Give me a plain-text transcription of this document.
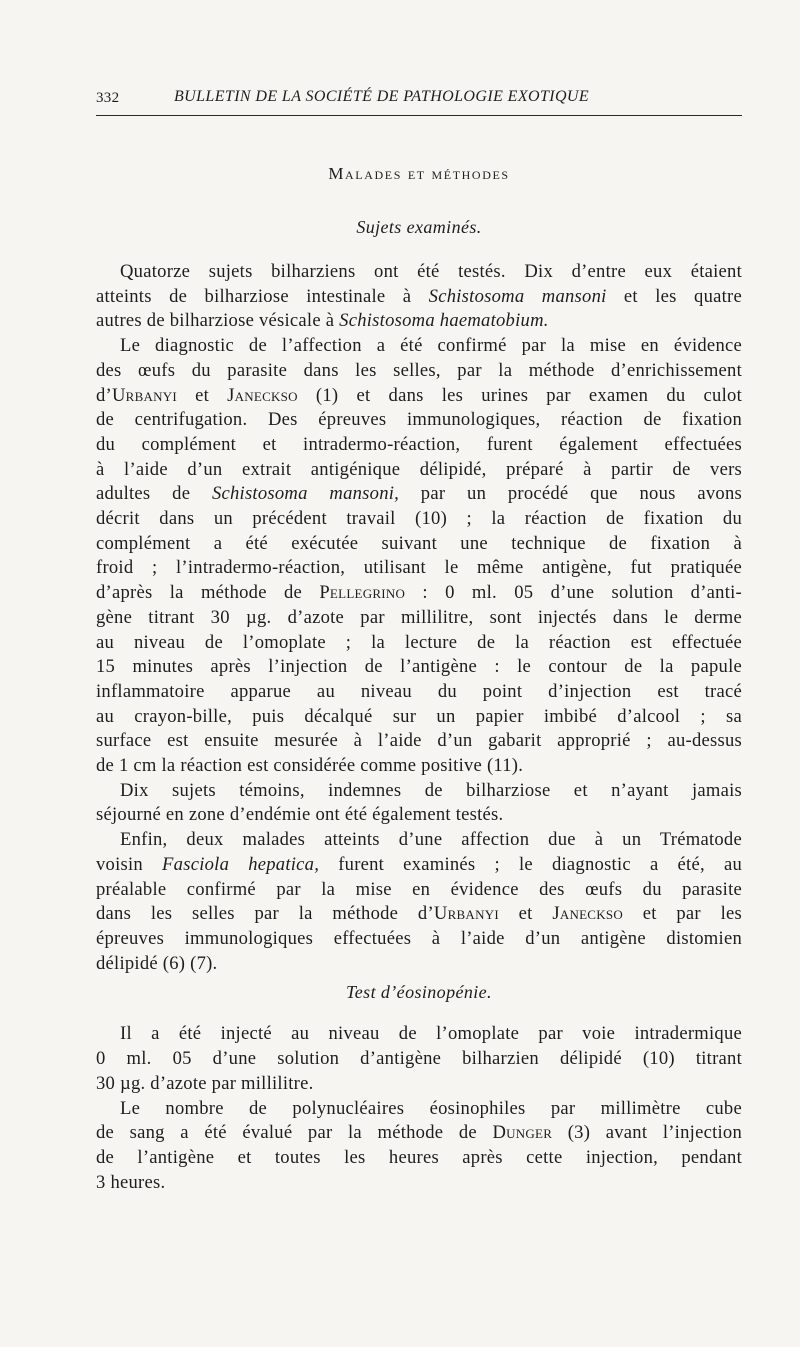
332	BULLETIN DE LA SOCIÉTÉ DE PATHOLOGIE EXOTIQUE
Malades et méthodes
Sujets examinés.

Quatorze sujets bilharziens ont été testés. Dix d’entre eux étaient
atteints de bilharziose intestinale à Schistosoma mansoni et les quatre
autres de bilharziose vésicale à Schistosoma haematobium.

Le diagnostic de l’affection a été confirmé par la mise en évidence
des œufs du parasite dans les selles, par la méthode d’enrichissement
d’Urbanyi et Janeckso (1) et dans les urines par examen du culot
de centrifugation. Des épreuves immunologiques, réaction de fixation
du complément et intradermo-réaction, furent également effectuées
à l’aide d’un extrait antigénique délipidé, préparé à partir de vers
adultes de Schistosoma mansoni, par un procédé que nous avons
décrit dans un précédent travail (10) ; la réaction de fixation du
complément a été exécutée suivant une technique de fixation à
froid ; l’intradermo-réaction, utilisant le même antigène, fut pratiquée
d’après la méthode de Pellegrino : 0 ml. 05 d’une solution d’anti-
gène titrant 30 µg. d’azote par millilitre, sont injectés dans le derme
au niveau de l’omoplate ; la lecture de la réaction est effectuée
15 minutes après l’injection de l’antigène : le contour de la papule
inflammatoire apparue au niveau du point d’injection est tracé
au crayon-bille, puis décalqué sur un papier imbibé d’alcool ; sa
surface est ensuite mesurée à l’aide d’un gabarit approprié ; au-dessus
de 1 cm la réaction est considérée comme positive (11).

Dix sujets témoins, indemnes de bilharziose et n’ayant jamais
séjourné en zone d’endémie ont été également testés.

Enfin, deux malades atteints d’une affection due à un Trématode
voisin Fasciola hepatica, furent examinés ; le diagnostic a été, au
préalable confirmé par la mise en évidence des œufs du parasite
dans les selles par la méthode d’Urbanyi et Janeckso et par les
épreuves immunologiques effectuées à l’aide d’un antigène distomien
délipidé (6) (7).

Test d’éosinopénie.

Il a été injecté au niveau de l’omoplate par voie intradermique
0 ml. 05 d’une solution d’antigène bilharzien délipidé (10) titrant
30 µg. d’azote par millilitre.

Le nombre de polynucléaires éosinophiles par millimètre cube
de sang a été évalué par la méthode de Dunger (3) avant l’injection
de l’antigène et toutes les heures après cette injection, pendant
3 heures.
